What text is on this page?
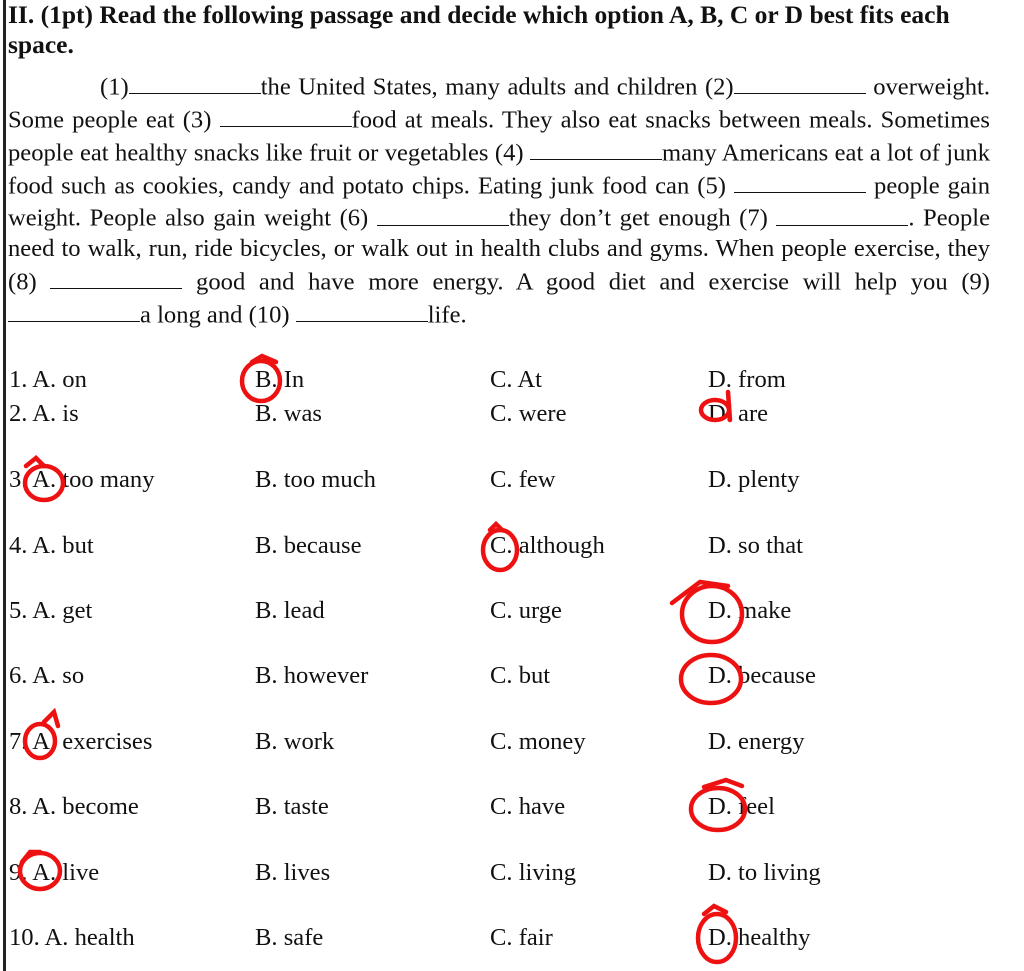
II. (1pt) Read the following passage and decide which option A, B, C or D best fits each space.
(1)	the United States, many adults and children (2)	overweight. Some people eat (3)	food at meals. They also eat snacks between meals. Sometimes people eat healthy snacks like fruit or vegetables (4)	many Americans eat a lot of junk food such as cookies, candy and potato chips. Eating junk food can (5)	people gain weight. People also gain weight (6)	they don’t get enough (7)	. People need to walk, run, ride bicycles, or walk out in health clubs and gyms. When people exercise, they (8)	good and have more energy. A good diet and exercise will help you (9) a long and (10)	life.
1. A. on	B. In	C. At	D. from
2. A. is	B. was	C. were	D. are
3. A. too many	B. too much	C. few	D. plenty
4. A. but	B. because	C. although	D. so that
5. A. get	B. lead	C. urge	D. make
6. A. so	B. however	C. but	D. because
7. A. exercises	B. work	C. money	D. energy
8. A. become	B. taste	C. have	D. feel
9. A. live	B. lives	C. living	D. to living
10. A. health	B. safe	C. fair	D. healthy
